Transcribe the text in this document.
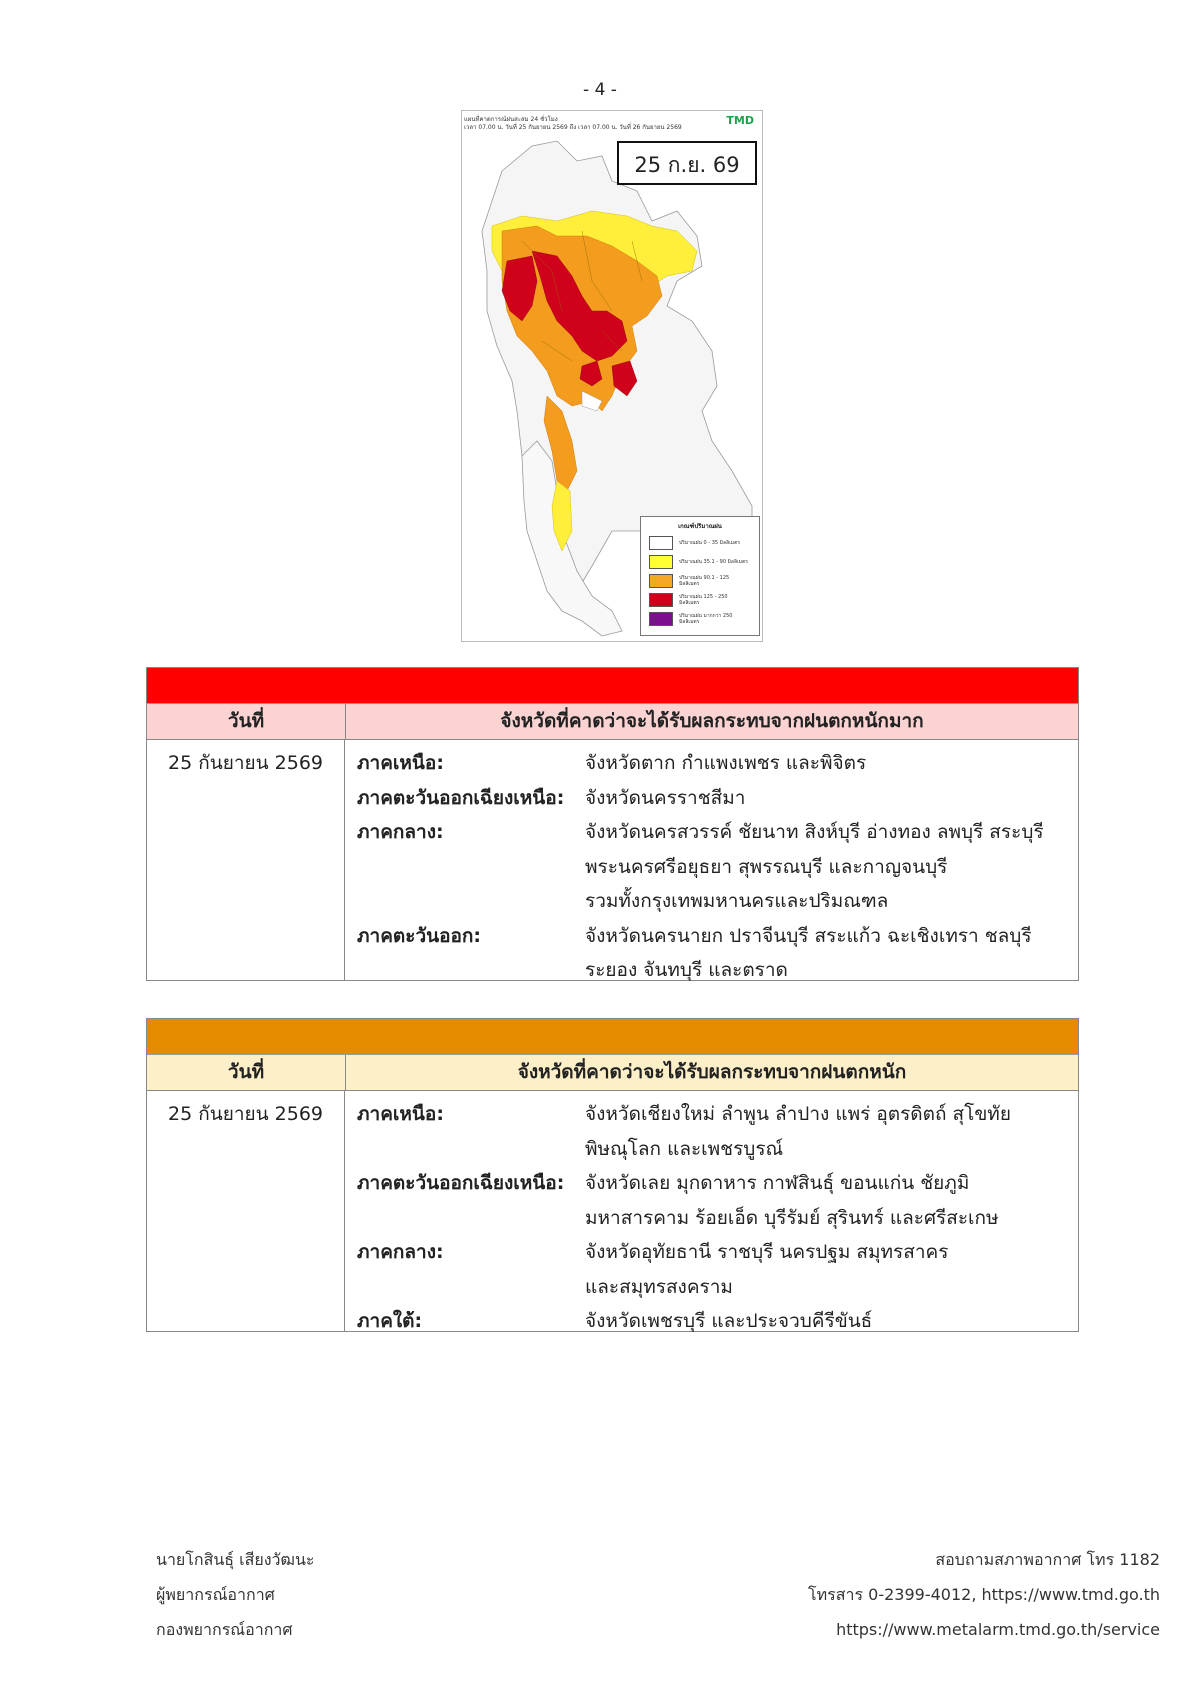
- 4 -
แผนที่คาดการณ์ฝนสะสม 24 ชั่วโมง
เวลา 07.00 น. วันที่ 25 กันยายน 2569 ถึง เวลา 07.00 น. วันที่ 26 กันยายน 2569
TMD
25 ก.ย. 69
เกณฑ์ปริมาณฝน
ปริมาณฝน 0 - 35 มิลลิเมตร
ปริมาณฝน 35.1 - 90 มิลลิเมตร
ปริมาณฝน 90.1 - 125 มิลลิเมตร
ปริมาณฝน 125 - 250 มิลลิเมตร
ปริมาณฝน มากกว่า 250 มิลลิเมตร
วันที่	จังหวัดที่คาดว่าจะได้รับผลกระทบจากฝนตกหนักมาก
25 กันยายน 2569	ภาคเหนือ:	จังหวัดตาก กำแพงเพชร และพิจิตร
ภาคตะวันออกเฉียงเหนือ:	จังหวัดนครราชสีมา
ภาคกลาง:	จังหวัดนครสวรรค์ ชัยนาท สิงห์บุรี อ่างทอง ลพบุรี สระบุรี
พระนครศรีอยุธยา สุพรรณบุรี และกาญจนบุรี
รวมทั้งกรุงเทพมหานครและปริมณฑล
ภาคตะวันออก:	จังหวัดนครนายก ปราจีนบุรี สระแก้ว ฉะเชิงเทรา ชลบุรี
ระยอง จันทบุรี และตราด
วันที่	จังหวัดที่คาดว่าจะได้รับผลกระทบจากฝนตกหนัก
25 กันยายน 2569	ภาคเหนือ:	จังหวัดเชียงใหม่ ลำพูน ลำปาง แพร่ อุตรดิตถ์ สุโขทัย
พิษณุโลก และเพชรบูรณ์
ภาคตะวันออกเฉียงเหนือ:	จังหวัดเลย มุกดาหาร กาฬสินธุ์ ขอนแก่น ชัยภูมิ
มหาสารคาม ร้อยเอ็ด บุรีรัมย์ สุรินทร์ และศรีสะเกษ
ภาคกลาง:	จังหวัดอุทัยธานี ราชบุรี นครปฐม สมุทรสาคร
และสมุทรสงคราม
ภาคใต้:	จังหวัดเพชรบุรี และประจวบคีรีขันธ์
นายโกสินธุ์ เสียงวัฒนะ
ผู้พยากรณ์อากาศ
กองพยากรณ์อากาศ
สอบถามสภาพอากาศ โทร 1182
โทรสาร 0-2399-4012, https://www.tmd.go.th
https://www.metalarm.tmd.go.th/service
